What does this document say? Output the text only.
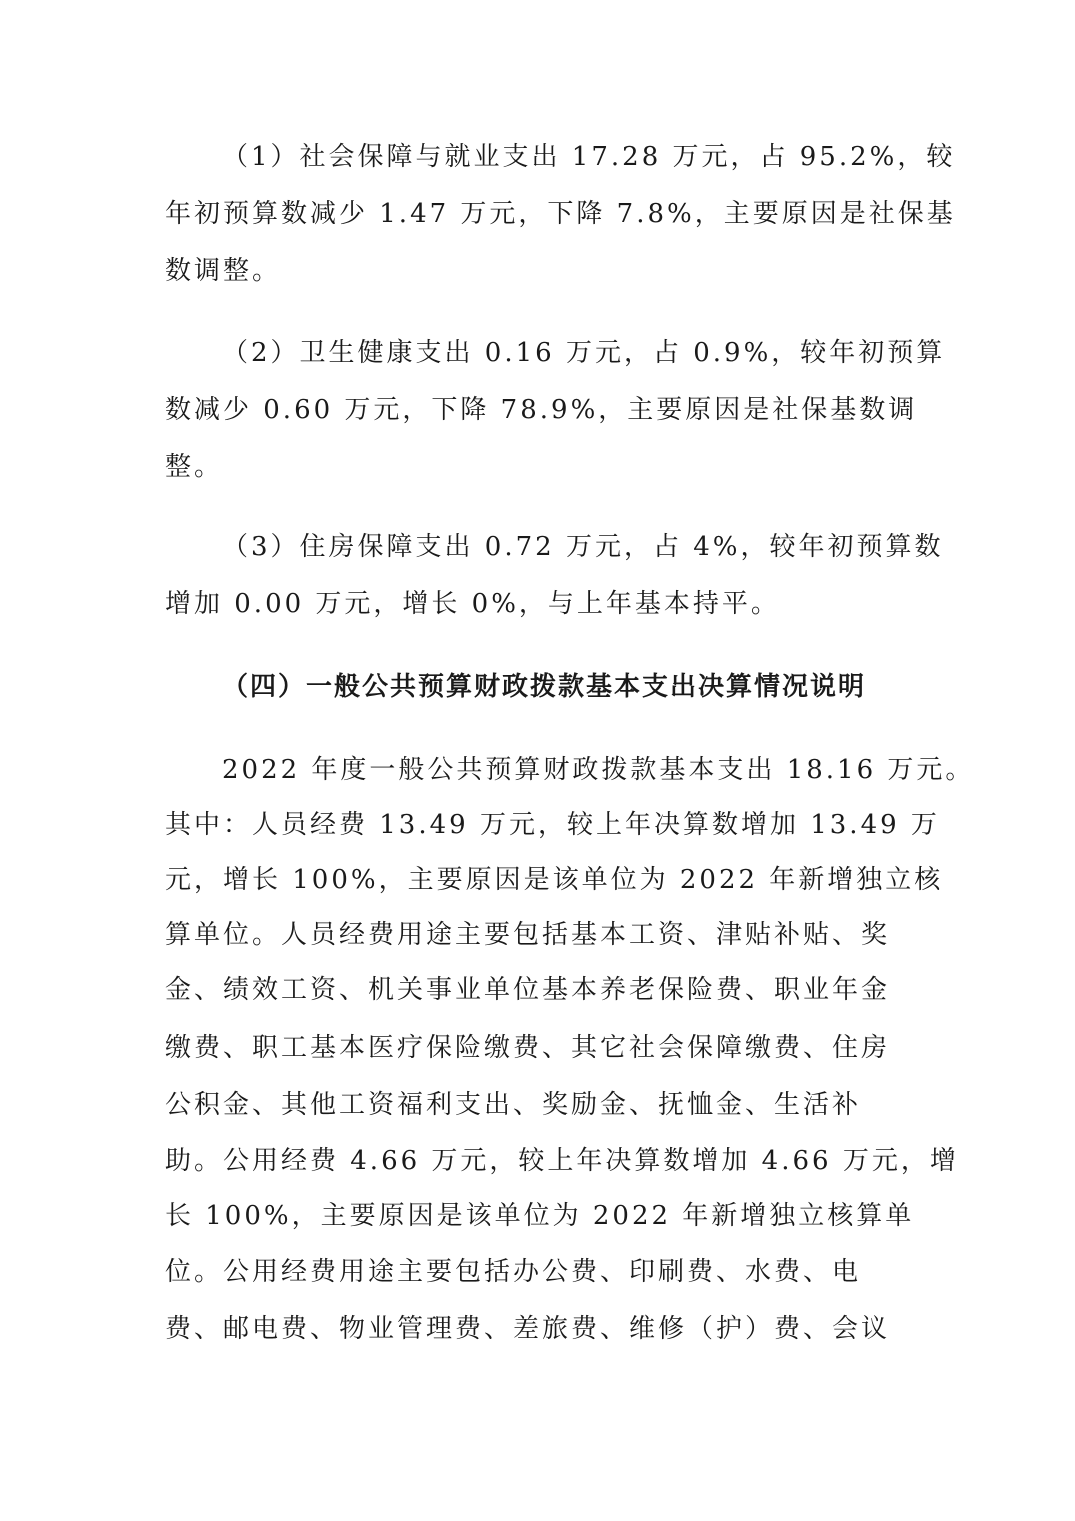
（1）社会保障与就业支出 17.28 万元，占 95.2%，较
年初预算数减少 1.47 万元，下降 7.8%，主要原因是社保基
数调整。
（2）卫生健康支出 0.16 万元，占 0.9%，较年初预算
数减少 0.60 万元，下降 78.9%，主要原因是社保基数调
整。
（3）住房保障支出 0.72 万元，占 4%，较年初预算数
增加 0.00 万元，增长 0%，与上年基本持平。
（四）一般公共预算财政拨款基本支出决算情况说明
2022 年度一般公共预算财政拨款基本支出 18.16 万元。
其中：人员经费 13.49 万元，较上年决算数增加 13.49 万
元，增长 100%，主要原因是该单位为 2022 年新增独立核
算单位。人员经费用途主要包括基本工资、津贴补贴、奖
金、绩效工资、机关事业单位基本养老保险费、职业年金
缴费、职工基本医疗保险缴费、其它社会保障缴费、住房
公积金、其他工资福利支出、奖励金、抚恤金、生活补
助。公用经费 4.66 万元，较上年决算数增加 4.66 万元，增
长 100%，主要原因是该单位为 2022 年新增独立核算单
位。公用经费用途主要包括办公费、印刷费、水费、电
费、邮电费、物业管理费、差旅费、维修（护）费、会议
